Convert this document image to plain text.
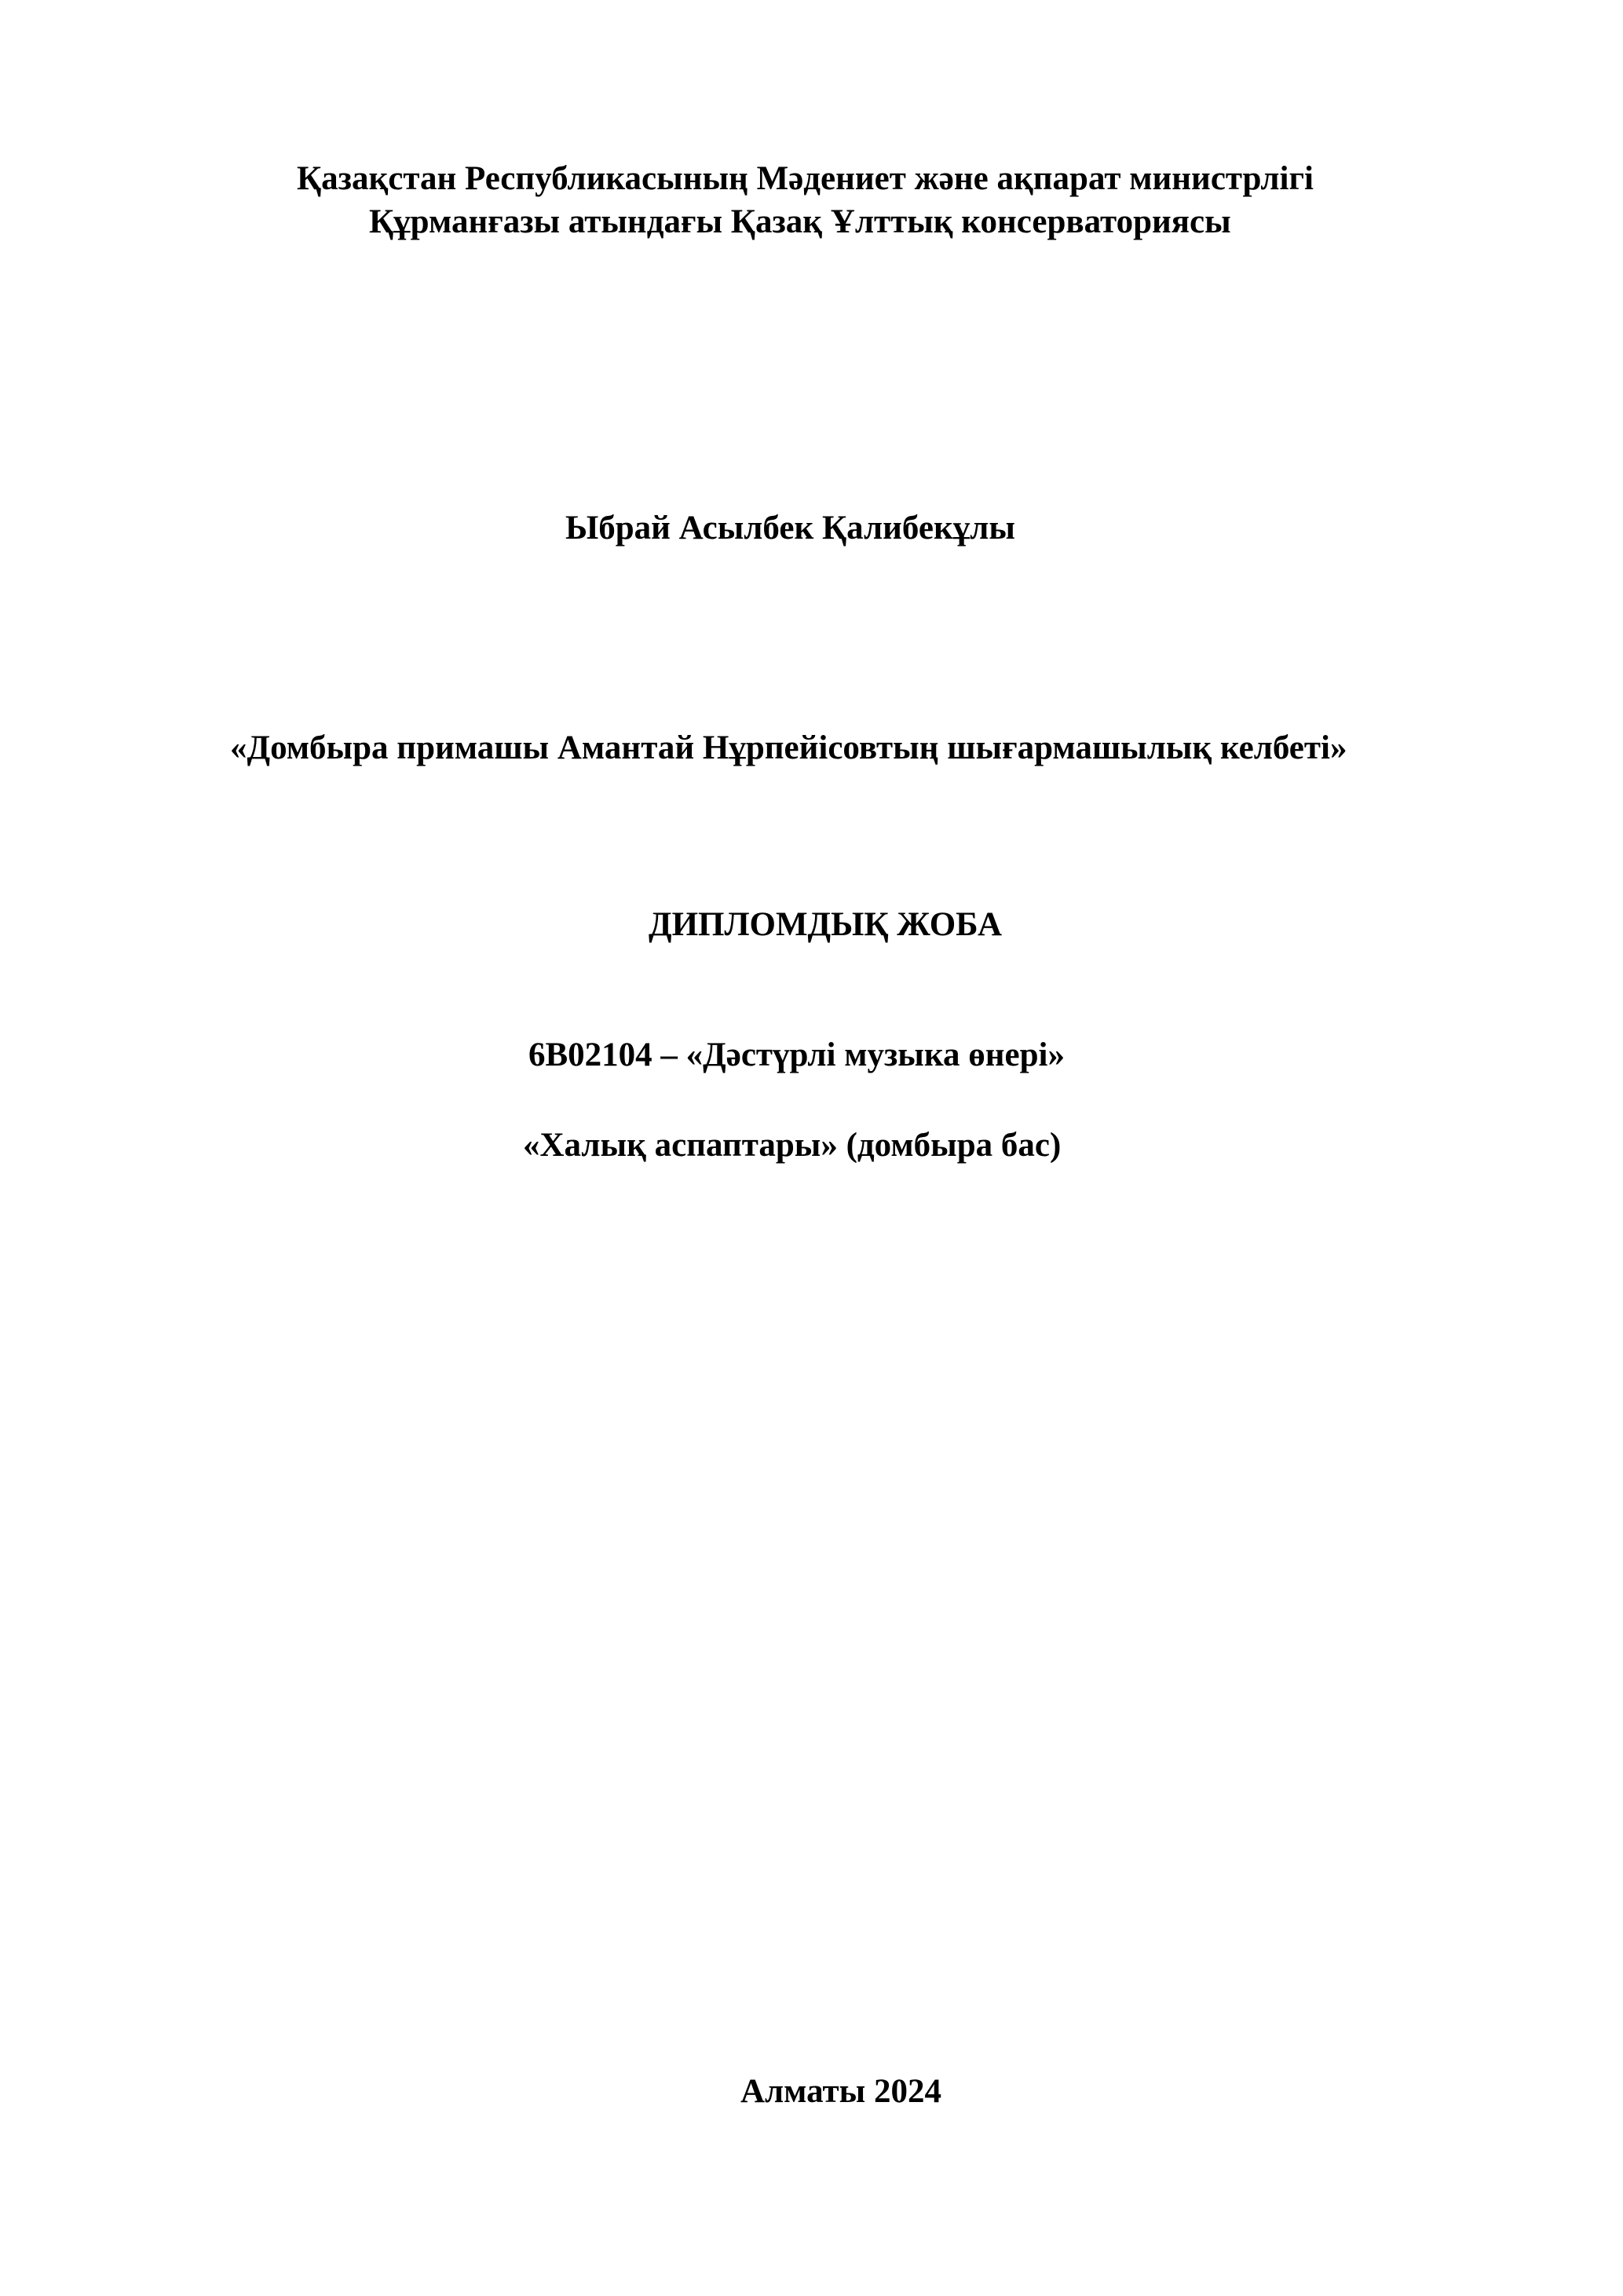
Қазақстан Республикасының Мәдениет және ақпарат министрлігі
Құрманғазы атындағы Қазақ Ұлттық консерваториясы
Ыбрай Асылбек Қалибекұлы
«Домбыра примашы Амантай Нұрпейісовтың шығармашылық келбеті»
ДИПЛОМДЫҚ ЖОБА
6В02104 – «Дәстүрлі музыка өнері»
«Халық аспаптары» (домбыра бас)
Алматы 2024
